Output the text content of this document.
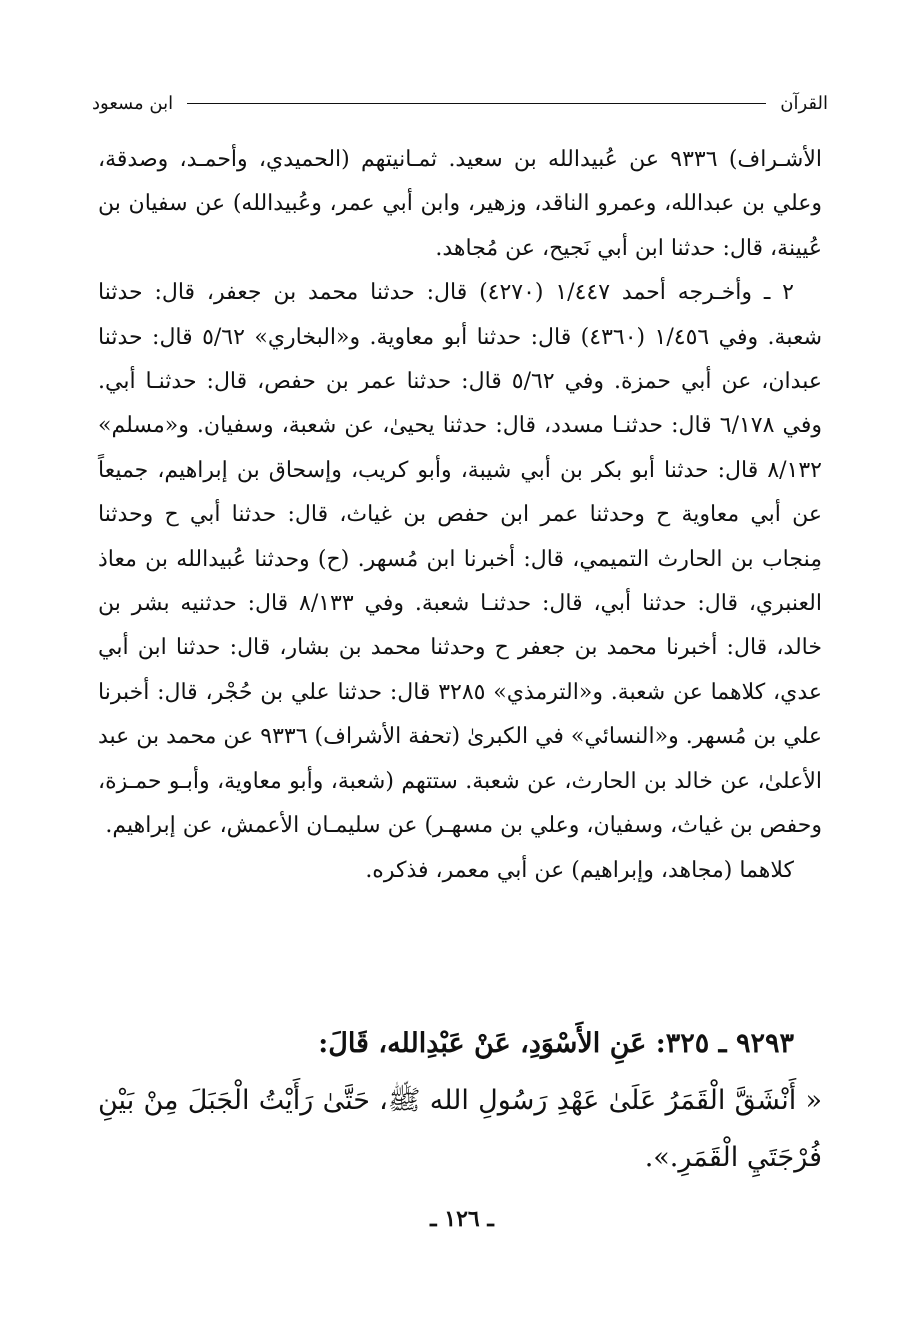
القرآن
ابن مسعود

الأشـراف) ٩٣٣٦ عن عُبيدالله بن سعيد. ثمـانيتهم (الحميدي، وأحمـد، وصدقة، وعلي بن عبدالله، وعمرو الناقد، وزهير، وابن أبي عمر، وعُبيدالله) عن سفيان بن عُيينة، قال: حدثنا ابن أبي نَجيح، عن مُجاهد.

٢ ـ وأخـرجه أحمد ١/٤٤٧ (٤٢٧٠) قال: حدثنا محمد بن جعفر، قال: حدثنا شعبة. وفي ١/٤٥٦ (٤٣٦٠) قال: حدثنا أبو معاوية. و«البخاري» ٥/٦٢ قال: حدثنا عبدان، عن أبي حمزة. وفي ٥/٦٢ قال: حدثنا عمر بن حفص، قال: حدثنـا أبي. وفي ٦/١٧٨ قال: حدثنـا مسدد، قال: حدثنا يحيىٰ، عن شعبة، وسفيان. و«مسلم» ٨/١٣٢ قال: حدثنا أبو بكر بن أبي شيبة، وأبو كريب، وإسحاق بن إبراهيم، جميعاً عن أبي معاوية ح وحدثنا عمر ابن حفص بن غياث، قال: حدثنا أبي ح وحدثنا مِنجاب بن الحارث التميمي، قال: أخبرنا ابن مُسهر. (ح) وحدثنا عُبيدالله بن معاذ العنبري، قال: حدثنا أبي، قال: حدثنـا شعبة. وفي ٨/١٣٣ قال: حدثنيه بشر بن خالد، قال: أخبرنا محمد بن جعفر ح وحدثنا محمد بن بشار، قال: حدثنا ابن أبي عدي، كلاهما عن شعبة. و«الترمذي» ٣٢٨٥ قال: حدثنا علي بن حُجْر، قال: أخبرنا علي بن مُسهر. و«النسائي» في الكبرىٰ (تحفة الأشراف) ٩٣٣٦ عن محمد بن عبد الأعلىٰ، عن خالد بن الحارث، عن شعبة. ستتهم (شعبة، وأبو معاوية، وأبـو حمـزة، وحفص بن غياث، وسفيان، وعلي بن مسهـر) عن سليمـان الأعمش، عن إبراهيم.

كلاهما (مجاهد، وإبراهيم) عن أبي معمر، فذكره.

٩٢٩٣ ـ ٣٢٥: عَنِ الأَسْوَدِ، عَنْ عَبْدِالله، قَالَ:

« أَنْشَقَّ الْقَمَرُ عَلَىٰ عَهْدِ رَسُولِ الله ﷺ، حَتَّىٰ رَأَيْتُ الْجَبَلَ مِنْ بَيْنِ فُرْجَتَيِ الْقَمَرِ.».

ـ ١٢٦ ـ
